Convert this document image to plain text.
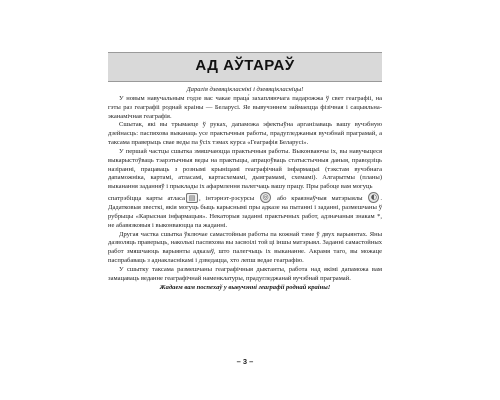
АД АЎТАРАЎ

Дарагія дзевяцікласнікі і дзевяцікласніцы!

У новым навучальным годзе вас чакае праца́ захапляючага падарожжа ў свет геаграфіі, на гэты раз геаграфіі роднай краіны — Беларусі. Яе вывучэннем займаецца фізічная і сацыяльна-эканамічная геаграфія.

Сшытак, які вы трымаеце ў руках, дапаможа эфектыўна арганізаваць вашу вучэбную дзейнасць: паспяхова выканаць усе практычныя работы, прадугледжаныя вучэбнай праграмай, а таксама праверыць свае веды па ўсіх тэмах курса «Геаграфія Беларусі».

У першай частцы сшытка змяшчаюцца практычныя работы. Выконваючы іх, вы навучыцеся выкарыстоўваць тэарэтычныя веды на практыцы, апрацоўваць статыстычныя даныя, праводзіць назіранні, працаваць з рознымі крыніцамі геаграфічнай інфармацыі (тэкстам вучэбнага дапаможніка, картамі, атласамі, картасхемамі, дыяграмамі, схемамі). Алгарытмы (планы) выканання заданняў і прыклады іх афармлення палегчаць вашу працу. Пры рабоце вам могуць

спатрэбіцца карты атласа ▤ , інтэрнэт-рэсурсы ◎ або краязнаўчыя матэрыялы ◐ . Дадатковыя звесткі, якія могуць быць карыснымі пры адказе на пытанні і заданні, размешчаны ў рубрыцы «Карысная інфармацыя». Некаторыя заданні практычных работ, адзначаныя знакам *, не абавязковыя і выконваюцца па жаданні.

Другая частка сшытка ўключае самастойныя работы па кожнай тэме ў двух варыянтах. Яны дазволяць праверыць, наколькі паспяхова вы засвоілі той ці іншы матэрыял. Заданні самастойных работ змяшчаюць варыянты адказаў, што палегчыць іх выкананне. Акрамя таго, вы можаце паспрабаваць з аднакласнікамі і дзведацца, хто лепш ведае геаграфію.

У сшытку таксама размешчаны геаграфічныя дыктанты, работа над якімі дапаможа вам замацаваць веданне геаграфічнай наменклатуры, прадугледжанай вучэбнай праграмай.

Жадаем вам поспехаў у вывучэнні геаграфіі роднай краіны!

– 3 –
